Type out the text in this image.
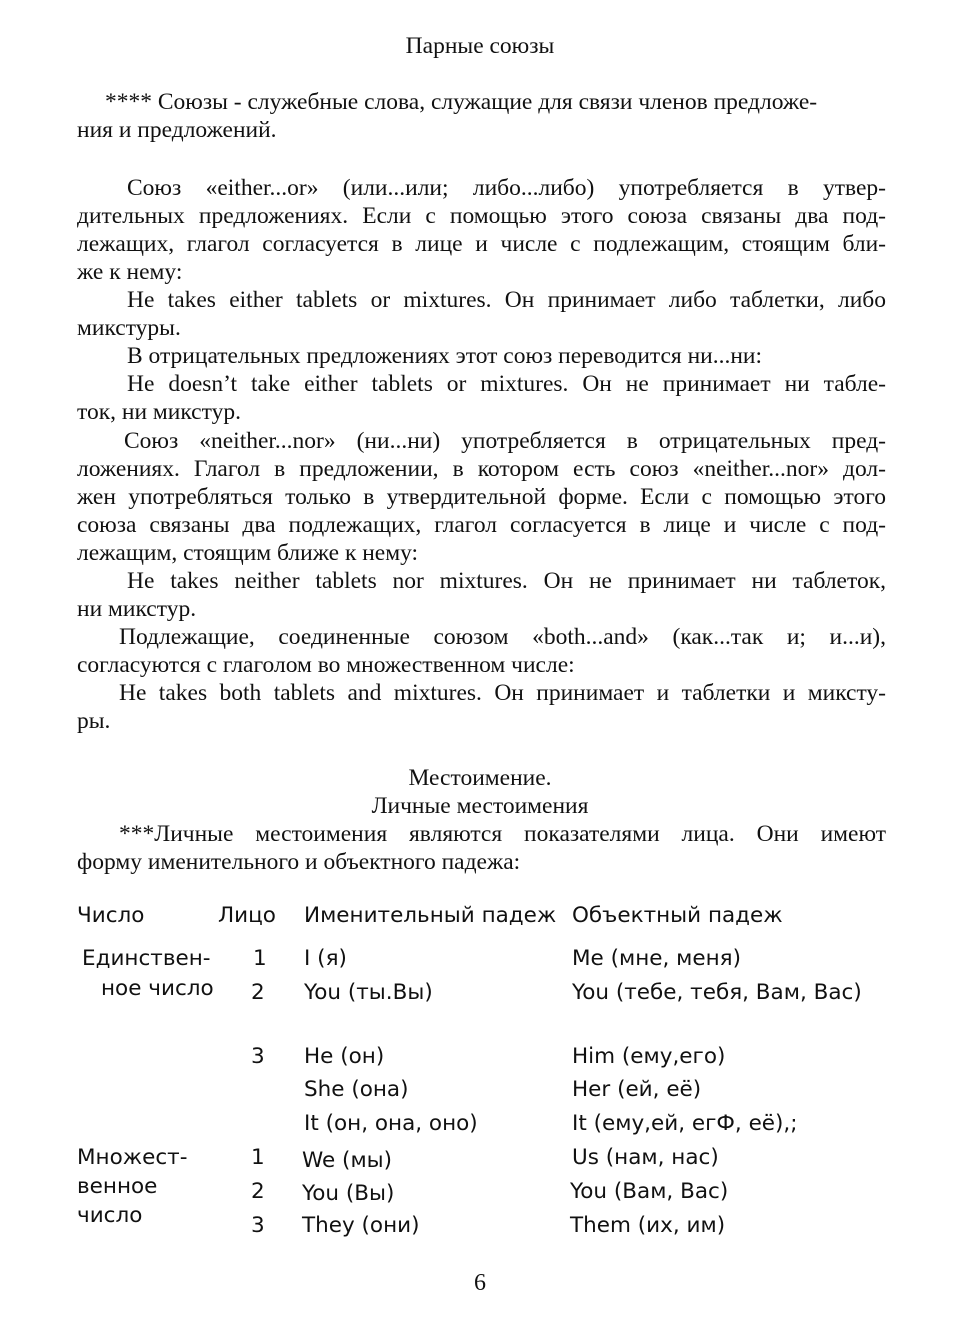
Парные союзы
**** Союзы - служебные слова, служащие для связи членов предложе-
ния и предложений.
Союз «either...or» (или...или; либо...либо) употребляется в утвер-
дительных предложениях. Если с помощью этого союза связаны два под-
лежащих, глагол согласуется в лице и числе с подлежащим, стоящим бли-
же к нему:
He takes either tablets or mixtures. Он принимает либо таблетки, либо
микстуры.
В отрицательных предложениях этот союз переводится ни...ни:
He doesn’t take either tablets or mixtures. Он не принимает ни табле-
ток, ни микстур.
Союз «neither...nor» (ни...ни) употребляется в отрицательных пред-
ложениях. Глагол в предложении, в котором есть союз «neither...nor» дол-
жен употребляться только в утвердительной форме. Если с помощью этого
союза связаны два подлежащих, глагол согласуется в лице и числе с под-
лежащим, стоящим ближе к нему:
He takes neither tablets nor mixtures. Он не принимает ни таблеток,
ни микстур.
Подлежащие, соединенные союзом «both...and» (как...так и; и...и),
согласуются с глаголом во множественном числе:
He takes both tablets and mixtures. Он принимает и таблетки и миксту-
ры.
Местоимение.
Личные местоимения
***Личные местоимения являются показателями лица. Они имеют
форму именительного и объектного падежа:
Число	Лицо Именительный падеж Объектный падеж
Единствен-
ное число
Множест-
венное
число
1
2
3
1
2
3
I (я)
You (ты.Вы)
He (он)
She (она)
It (он, она, оно)
We (мы)
You (Вы)
They (они)
Me (мне, меня)
You (тебе, тебя, Вам, Вас)
Him (ему,его)
Her (ей, её)
It (ему,ей, егФ, её),;
Us (нам, нас)
You (Вам, Вас)
Them (их, им)
6
